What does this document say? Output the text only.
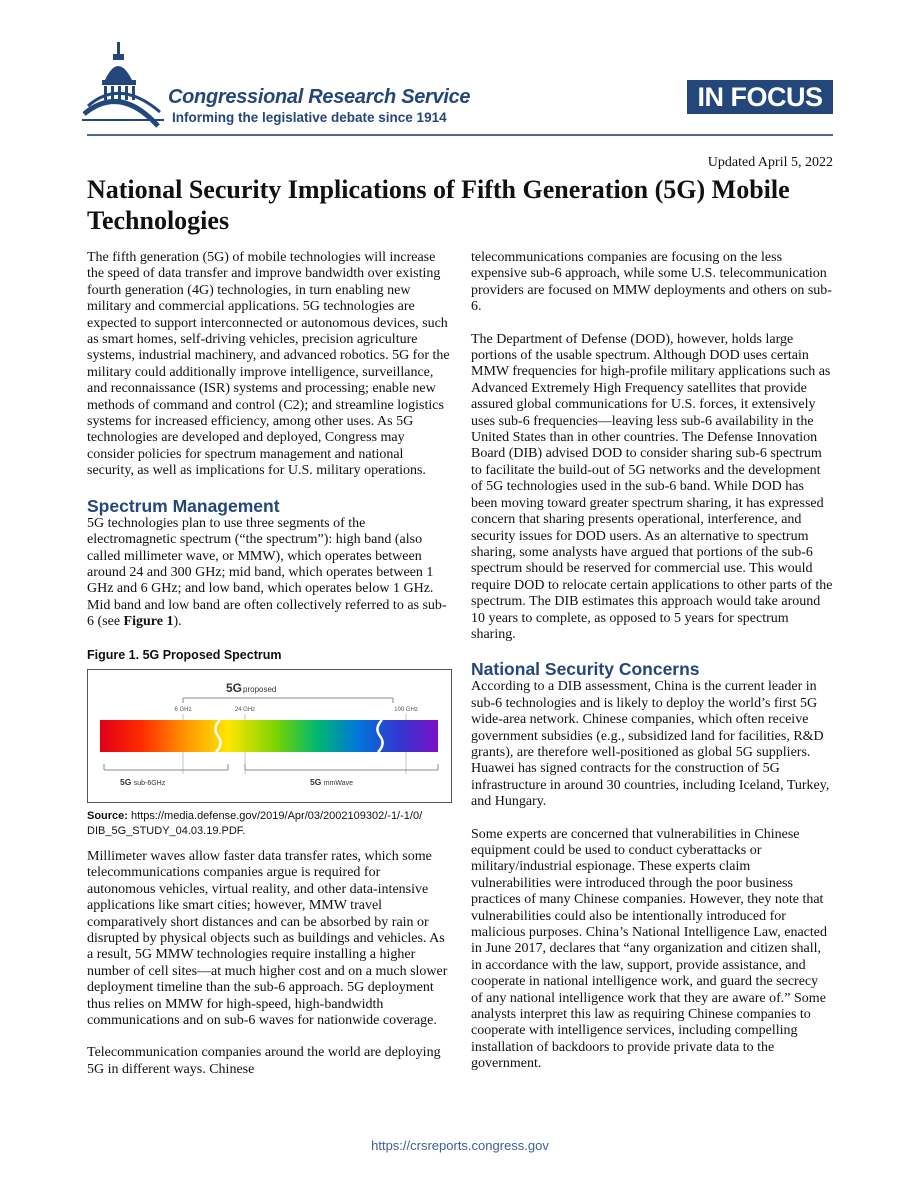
Congressional Research Service
Informing the legislative debate since 1914
IN FOCUS
Updated April 5, 2022
National Security Implications of Fifth Generation (5G) Mobile Technologies

The fifth generation (5G) of mobile technologies will increase the speed of data transfer and improve bandwidth over existing fourth generation (4G) technologies, in turn enabling new military and commercial applications. 5G technologies are expected to support interconnected or autonomous devices, such as smart homes, self-driving vehicles, precision agriculture systems, industrial machinery, and advanced robotics. 5G for the military could additionally improve intelligence, surveillance, and reconnaissance (ISR) systems and processing; enable new methods of command and control (C2); and streamline logistics systems for increased efficiency, among other uses. As 5G technologies are developed and deployed, Congress may consider policies for spectrum management and national security, as well as implications for U.S. military operations.

Spectrum Management

5G technologies plan to use three segments of the electromagnetic spectrum (“the spectrum”): high band (also called millimeter wave, or MMW), which operates between around 24 and 300 GHz; mid band, which operates between 1 GHz and 6 GHz; and low band, which operates below 1 GHz. Mid band and low band are often collectively referred to as sub-6 (see Figure 1).

Figure 1. 5G Proposed Spectrum
5Gproposed
6 GHz	24 GHz	100 GHz
5G sub-6GHz	5G mmWave
Source: https://media.defense.gov/2019/Apr/03/2002109302/-1/-1/0/ DIB_5G_STUDY_04.03.19.PDF.

Millimeter waves allow faster data transfer rates, which some telecommunications companies argue is required for autonomous vehicles, virtual reality, and other data-intensive applications like smart cities; however, MMW travel comparatively short distances and can be absorbed by rain or disrupted by physical objects such as buildings and vehicles. As a result, 5G MMW technologies require installing a higher number of cell sites—at much higher cost and on a much slower deployment timeline than the sub-6 approach. 5G deployment thus relies on MMW for high-speed, high-bandwidth communications and on sub-6 waves for nationwide coverage.

Telecommunication companies around the world are deploying 5G in different ways. Chinese

telecommunications companies are focusing on the less expensive sub-6 approach, while some U.S. telecommunication providers are focused on MMW deployments and others on sub-6.

The Department of Defense (DOD), however, holds large portions of the usable spectrum. Although DOD uses certain MMW frequencies for high-profile military applications such as Advanced Extremely High Frequency satellites that provide assured global communications for U.S. forces, it extensively uses sub-6 frequencies—leaving less sub-6 availability in the United States than in other countries. The Defense Innovation Board (DIB) advised DOD to consider sharing sub-6 spectrum to facilitate the build-out of 5G networks and the development of 5G technologies used in the sub-6 band. While DOD has been moving toward greater spectrum sharing, it has expressed concern that sharing presents operational, interference, and security issues for DOD users. As an alternative to spectrum sharing, some analysts have argued that portions of the sub-6 spectrum should be reserved for commercial use. This would require DOD to relocate certain applications to other parts of the spectrum. The DIB estimates this approach would take around 10 years to complete, as opposed to 5 years for spectrum sharing.

National Security Concerns

According to a DIB assessment, China is the current leader in sub-6 technologies and is likely to deploy the world’s first 5G wide-area network. Chinese companies, which often receive government subsidies (e.g., subsidized land for facilities, R&D grants), are therefore well-positioned as global 5G suppliers. Huawei has signed contracts for the construction of 5G infrastructure in around 30 countries, including Iceland, Turkey, and Hungary.

Some experts are concerned that vulnerabilities in Chinese equipment could be used to conduct cyberattacks or military/industrial espionage. These experts claim vulnerabilities were introduced through the poor business practices of many Chinese companies. However, they note that vulnerabilities could also be intentionally introduced for malicious purposes. China’s National Intelligence Law, enacted in June 2017, declares that “any organization and citizen shall, in accordance with the law, support, provide assistance, and cooperate in national intelligence work, and guard the secrecy of any national intelligence work that they are aware of.” Some analysts interpret this law as requiring Chinese companies to cooperate with intelligence services, including compelling installation of backdoors to provide private data to the government.

https://crsreports.congress.gov
